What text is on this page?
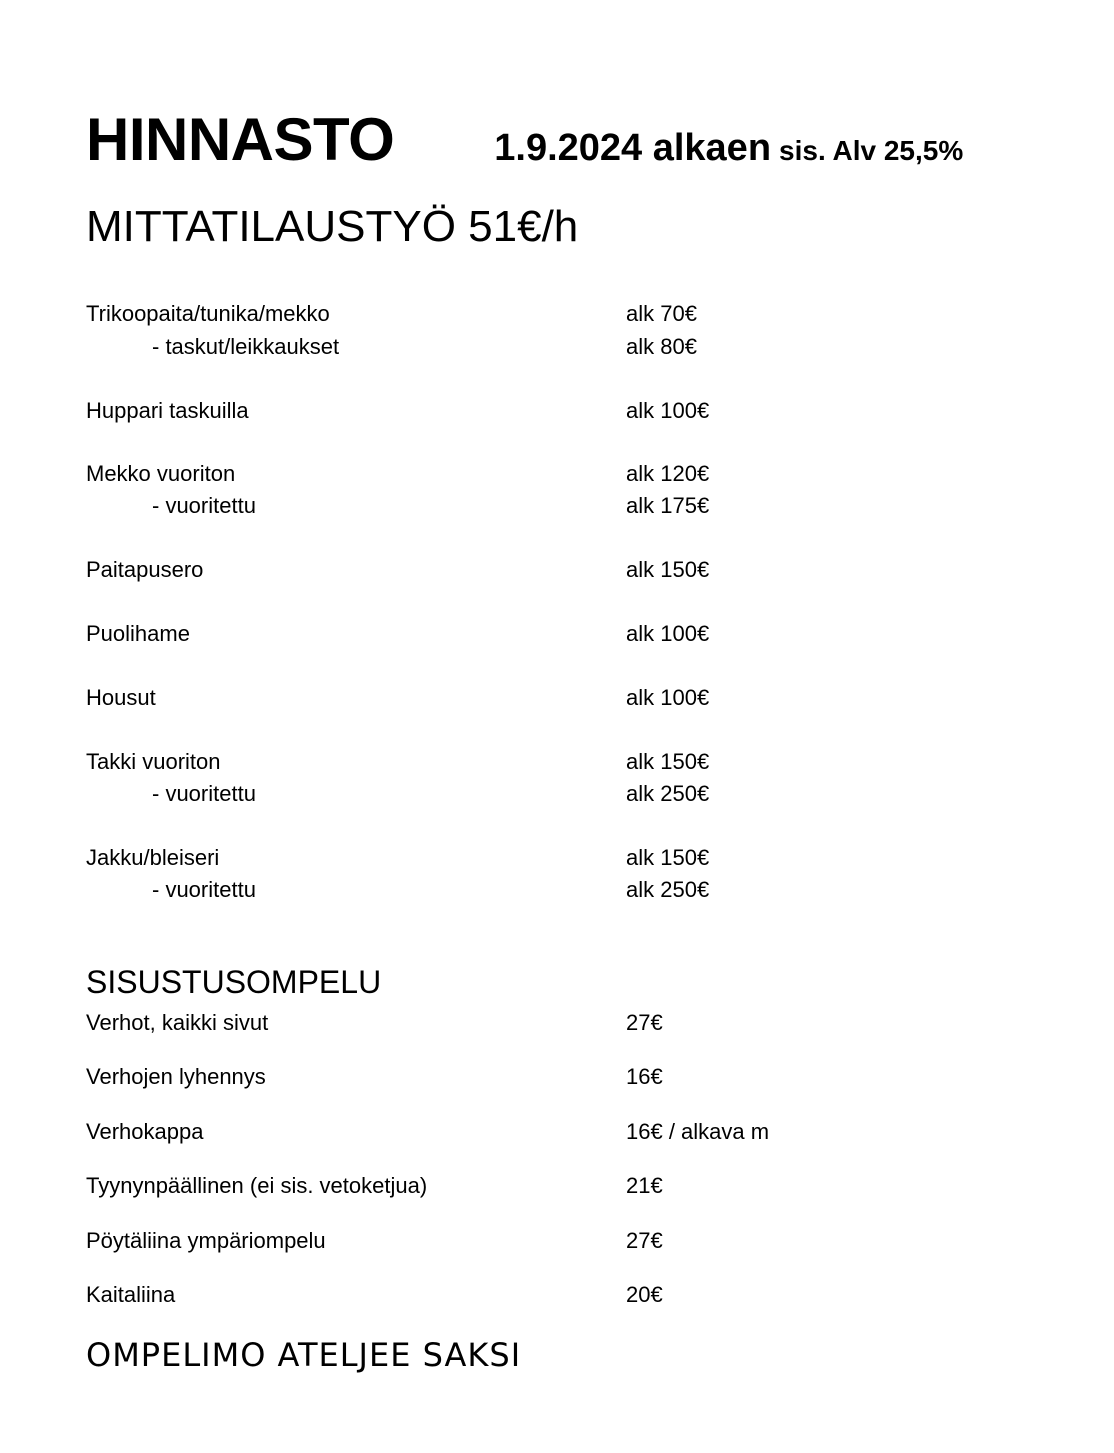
HINNASTO	1.9.2024 alkaen sis. Alv 25,5%
MITTATILAUSTYÖ 51€/h
Trikoopaita/tunika/mekko	alk 70€
- taskut/leikkaukset	alk 80€
Huppari taskuilla	alk 100€
Mekko vuoriton	alk 120€
- vuoritettu	alk 175€
Paitapusero	alk 150€
Puolihame	alk 100€
Housut	alk 100€
Takki vuoriton	alk 150€
- vuoritettu	alk 250€
Jakku/bleiseri	alk 150€
- vuoritettu	alk 250€
SISUSTUSOMPELU
Verhot, kaikki sivut	27€
Verhojen lyhennys	16€
Verhokappa	16€ / alkava m
Tyynynpäällinen (ei sis. vetoketjua)	21€
Pöytäliina ympäriompelu	27€
Kaitaliina	20€
OMPELIMO ATELJEE SAKSI
